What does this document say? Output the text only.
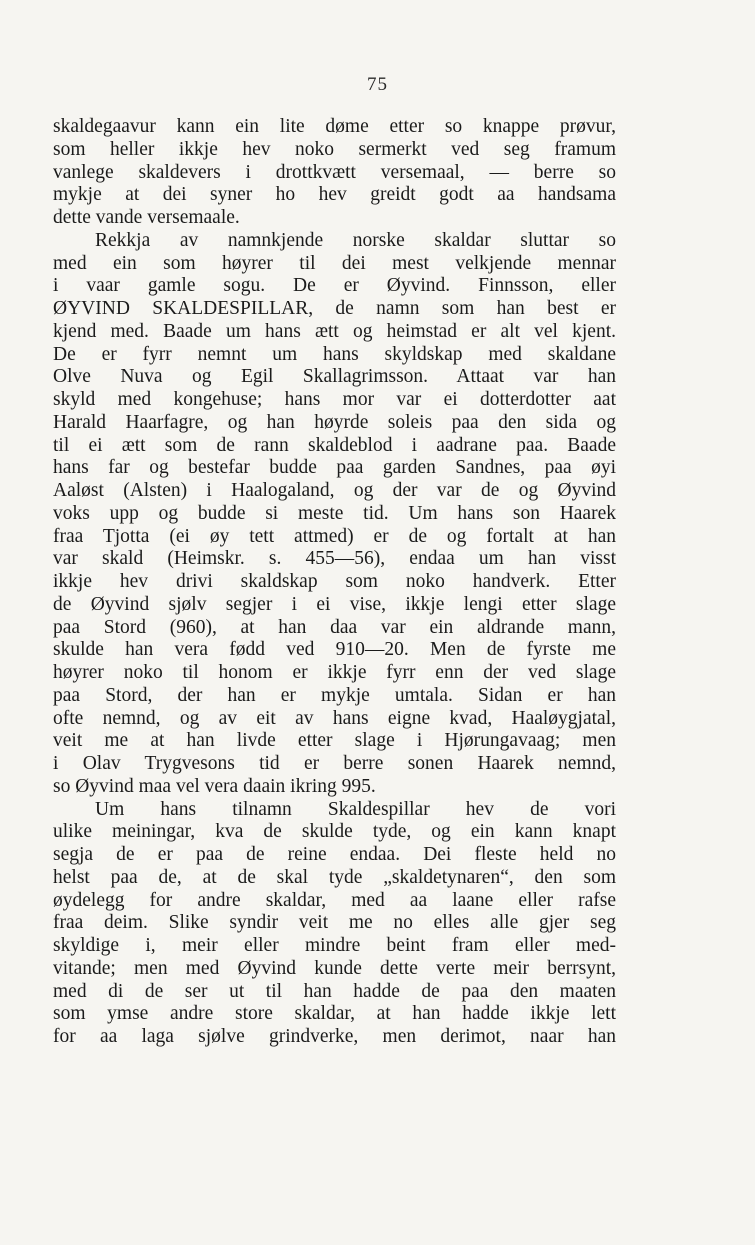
75
skaldegaavur kann ein lite døme etter so knappe prøvur,
som heller ikkje hev noko sermerkt ved seg framum
vanlege skaldevers i drottkvætt versemaal, — berre so
mykje at dei syner ho hev greidt godt aa handsama
dette vande versemaale.
Rekkja av namnkjende norske skaldar sluttar so
med ein som høyrer til dei mest velkjende mennar
i vaar gamle sogu. De er Øyvind. Finnsson, eller
ØYVIND SKALDESPILLAR, de namn som han best er
kjend med. Baade um hans ætt og heimstad er alt vel kjent.
De er fyrr nemnt um hans skyldskap med skaldane
Olve Nuva og Egil Skallagrimsson. Attaat var han
skyld med kongehuse; hans mor var ei dotterdotter aat
Harald Haarfagre, og han høyrde soleis paa den sida og
til ei ætt som de rann skaldeblod i aadrane paa. Baade
hans far og bestefar budde paa garden Sandnes, paa øyi
Aaløst (Alsten) i Haalogaland, og der var de og Øyvind
voks upp og budde si meste tid. Um hans son Haarek
fraa Tjotta (ei øy tett attmed) er de og fortalt at han
var skald (Heimskr. s. 455—56), endaa um han visst
ikkje hev drivi skaldskap som noko handverk. Etter
de Øyvind sjølv segjer i ei vise, ikkje lengi etter slage
paa Stord (960), at han daa var ein aldrande mann,
skulde han vera fødd ved 910—20. Men de fyrste me
høyrer noko til honom er ikkje fyrr enn der ved slage
paa Stord, der han er mykje umtala. Sidan er han
ofte nemnd, og av eit av hans eigne kvad, Haaløygjatal,
veit me at han livde etter slage i Hjørungavaag; men
i Olav Trygvesons tid er berre sonen Haarek nemnd,
so Øyvind maa vel vera daain ikring 995.
Um hans tilnamn Skaldespillar hev de vori
ulike meiningar, kva de skulde tyde, og ein kann knapt
segja de er paa de reine endaa. Dei fleste held no
helst paa de, at de skal tyde „skaldetynaren“, den som
øydelegg for andre skaldar, med aa laane eller rafse
fraa deim. Slike syndir veit me no elles alle gjer seg
skyldige i, meir eller mindre beint fram eller med-
vitande; men med Øyvind kunde dette verte meir berrsynt,
med di de ser ut til han hadde de paa den maaten
som ymse andre store skaldar, at han hadde ikkje lett
for aa laga sjølve grindverke, men derimot, naar han
